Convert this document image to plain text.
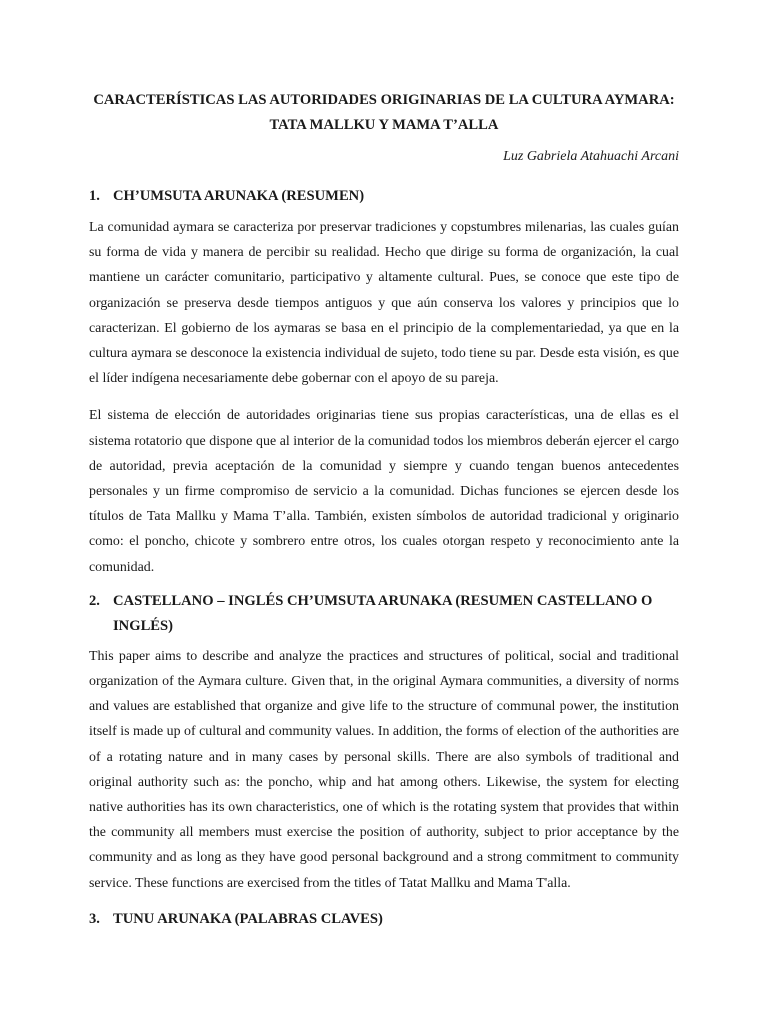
CARACTERÍSTICAS LAS AUTORIDADES ORIGINARIAS DE LA CULTURA AYMARA:

TATA MALLKU Y MAMA T’ALLA

Luz Gabriela Atahuachi Arcani

1. CH’UMSUTA ARUNAKA (RESUMEN)

La comunidad aymara se caracteriza por preservar tradiciones y copstumbres milenarias, las cuales guían su forma de vida y manera de percibir su realidad. Hecho que dirige su forma de organización, la cual mantiene un carácter comunitario, participativo y altamente cultural. Pues, se conoce que este tipo de organización se preserva desde tiempos antiguos y que aún conserva los valores y principios que lo caracterizan. El gobierno de los aymaras se basa en el principio de la complementariedad, ya que en la cultura aymara se desconoce la existencia individual de sujeto, todo tiene su par. Desde esta visión, es que el líder indígena necesariamente debe gobernar con el apoyo de su pareja.

El sistema de elección de autoridades originarias tiene sus propias características, una de ellas es el sistema rotatorio que dispone que al interior de la comunidad todos los miembros deberán ejercer el cargo de autoridad, previa aceptación de la comunidad y siempre y cuando tengan buenos antecedentes personales y un firme compromiso de servicio a la comunidad. Dichas funciones se ejercen desde los títulos de Tata Mallku y Mama T’alla. También, existen símbolos de autoridad tradicional y originario como: el poncho, chicote y sombrero entre otros, los cuales otorgan respeto y reconocimiento ante la comunidad.

2. CASTELLANO – INGLÉS CH’UMSUTA ARUNAKA (RESUMEN CASTELLANO O INGLÉS)

This paper aims to describe and analyze the practices and structures of political, social and traditional organization of the Aymara culture. Given that, in the original Aymara communities, a diversity of norms and values are established that organize and give life to the structure of communal power, the institution itself is made up of cultural and community values. In addition, the forms of election of the authorities are of a rotating nature and in many cases by personal skills. There are also symbols of traditional and original authority such as: the poncho, whip and hat among others. Likewise, the system for electing native authorities has its own characteristics, one of which is the rotating system that provides that within the community all members must exercise the position of authority, subject to prior acceptance by the community and as long as they have good personal background and a strong commitment to community service. These functions are exercised from the titles of Tatat Mallku and Mama T'alla.

3. TUNU ARUNAKA (PALABRAS CLAVES)
